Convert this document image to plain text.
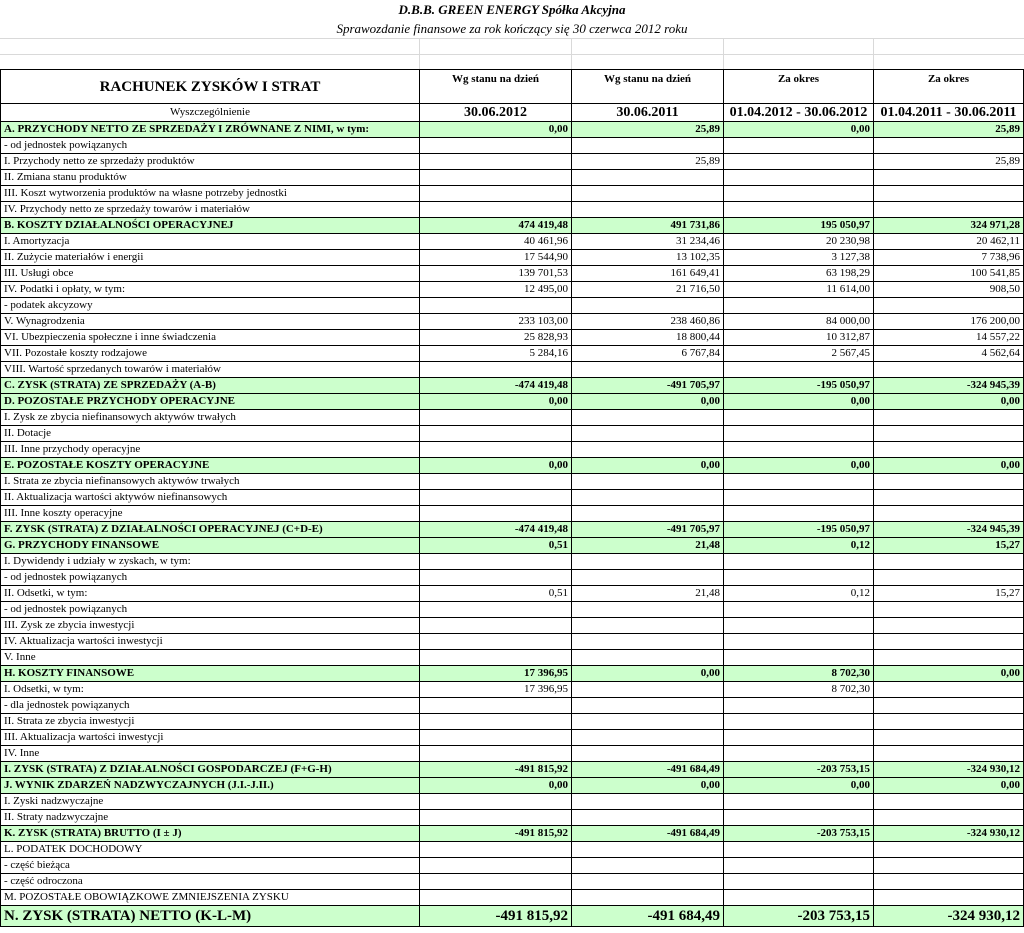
D.B.B. GREEN ENERGY Spółka Akcyjna
Sprawozdanie finansowe za rok kończący się 30 czerwca 2012 roku
RACHUNEK ZYSKÓW I STRAT	Wg stanu na dzień	Wg stanu na dzień	Za okres	Za okres
Wyszczególnienie	30.06.2012	30.06.2011	01.04.2012 - 30.06.2012	01.04.2011 - 30.06.2011
A. PRZYCHODY NETTO ZE SPRZEDAŻY I ZRÓWNANE Z NIMI, w tym:	0,00	25,89	0,00	25,89
- od jednostek powiązanych				
I. Przychody netto ze sprzedaży produktów		25,89		25,89
II. Zmiana stanu produktów				
III. Koszt wytworzenia produktów na własne potrzeby jednostki				
IV. Przychody netto ze sprzedaży towarów i materiałów				
B. KOSZTY DZIAŁALNOŚCI OPERACYJNEJ	474 419,48	491 731,86	195 050,97	324 971,28
I. Amortyzacja	40 461,96	31 234,46	20 230,98	20 462,11
II. Zużycie materiałów i energii	17 544,90	13 102,35	3 127,38	7 738,96
III. Usługi obce	139 701,53	161 649,41	63 198,29	100 541,85
IV. Podatki i opłaty, w tym:	12 495,00	21 716,50	11 614,00	908,50
- podatek akcyzowy				
V. Wynagrodzenia	233 103,00	238 460,86	84 000,00	176 200,00
VI. Ubezpieczenia społeczne i inne świadczenia	25 828,93	18 800,44	10 312,87	14 557,22
VII. Pozostałe koszty rodzajowe	5 284,16	6 767,84	2 567,45	4 562,64
VIII. Wartość sprzedanych towarów i materiałów				
C. ZYSK (STRATA) ZE SPRZEDAŻY (A-B)	-474 419,48	-491 705,97	-195 050,97	-324 945,39
D. POZOSTAŁE PRZYCHODY OPERACYJNE	0,00	0,00	0,00	0,00
I. Zysk ze zbycia niefinansowych aktywów trwałych				
II. Dotacje				
III. Inne przychody operacyjne				
E. POZOSTAŁE KOSZTY OPERACYJNE	0,00	0,00	0,00	0,00
I. Strata ze zbycia niefinansowych aktywów trwałych				
II. Aktualizacja wartości aktywów niefinansowych				
III. Inne koszty operacyjne				
F. ZYSK (STRATA) Z DZIAŁALNOŚCI OPERACYJNEJ (C+D-E)	-474 419,48	-491 705,97	-195 050,97	-324 945,39
G. PRZYCHODY FINANSOWE	0,51	21,48	0,12	15,27
I. Dywidendy i udziały w zyskach, w tym:				
- od jednostek powiązanych				
II. Odsetki, w tym:	0,51	21,48	0,12	15,27
- od jednostek powiązanych				
III. Zysk ze zbycia inwestycji				
IV. Aktualizacja wartości inwestycji				
V. Inne				
H. KOSZTY FINANSOWE	17 396,95	0,00	8 702,30	0,00
I. Odsetki, w tym:	17 396,95		8 702,30	
- dla jednostek powiązanych				
II. Strata ze zbycia inwestycji				
III. Aktualizacja wartości inwestycji				
IV. Inne				
I. ZYSK (STRATA) Z DZIAŁALNOŚCI GOSPODARCZEJ (F+G-H)	-491 815,92	-491 684,49	-203 753,15	-324 930,12
J. WYNIK ZDARZEŃ NADZWYCZAJNYCH (J.I.-J.II.)	0,00	0,00	0,00	0,00
I. Zyski nadzwyczajne				
II. Straty nadzwyczajne				
K. ZYSK (STRATA) BRUTTO (I ± J)	-491 815,92	-491 684,49	-203 753,15	-324 930,12
L. PODATEK DOCHODOWY				
- część bieżąca				
- część odroczona				
M. POZOSTAŁE OBOWIĄZKOWE ZMNIEJSZENIA ZYSKU				
N. ZYSK (STRATA) NETTO (K-L-M)	-491 815,92	-491 684,49	-203 753,15	-324 930,12
